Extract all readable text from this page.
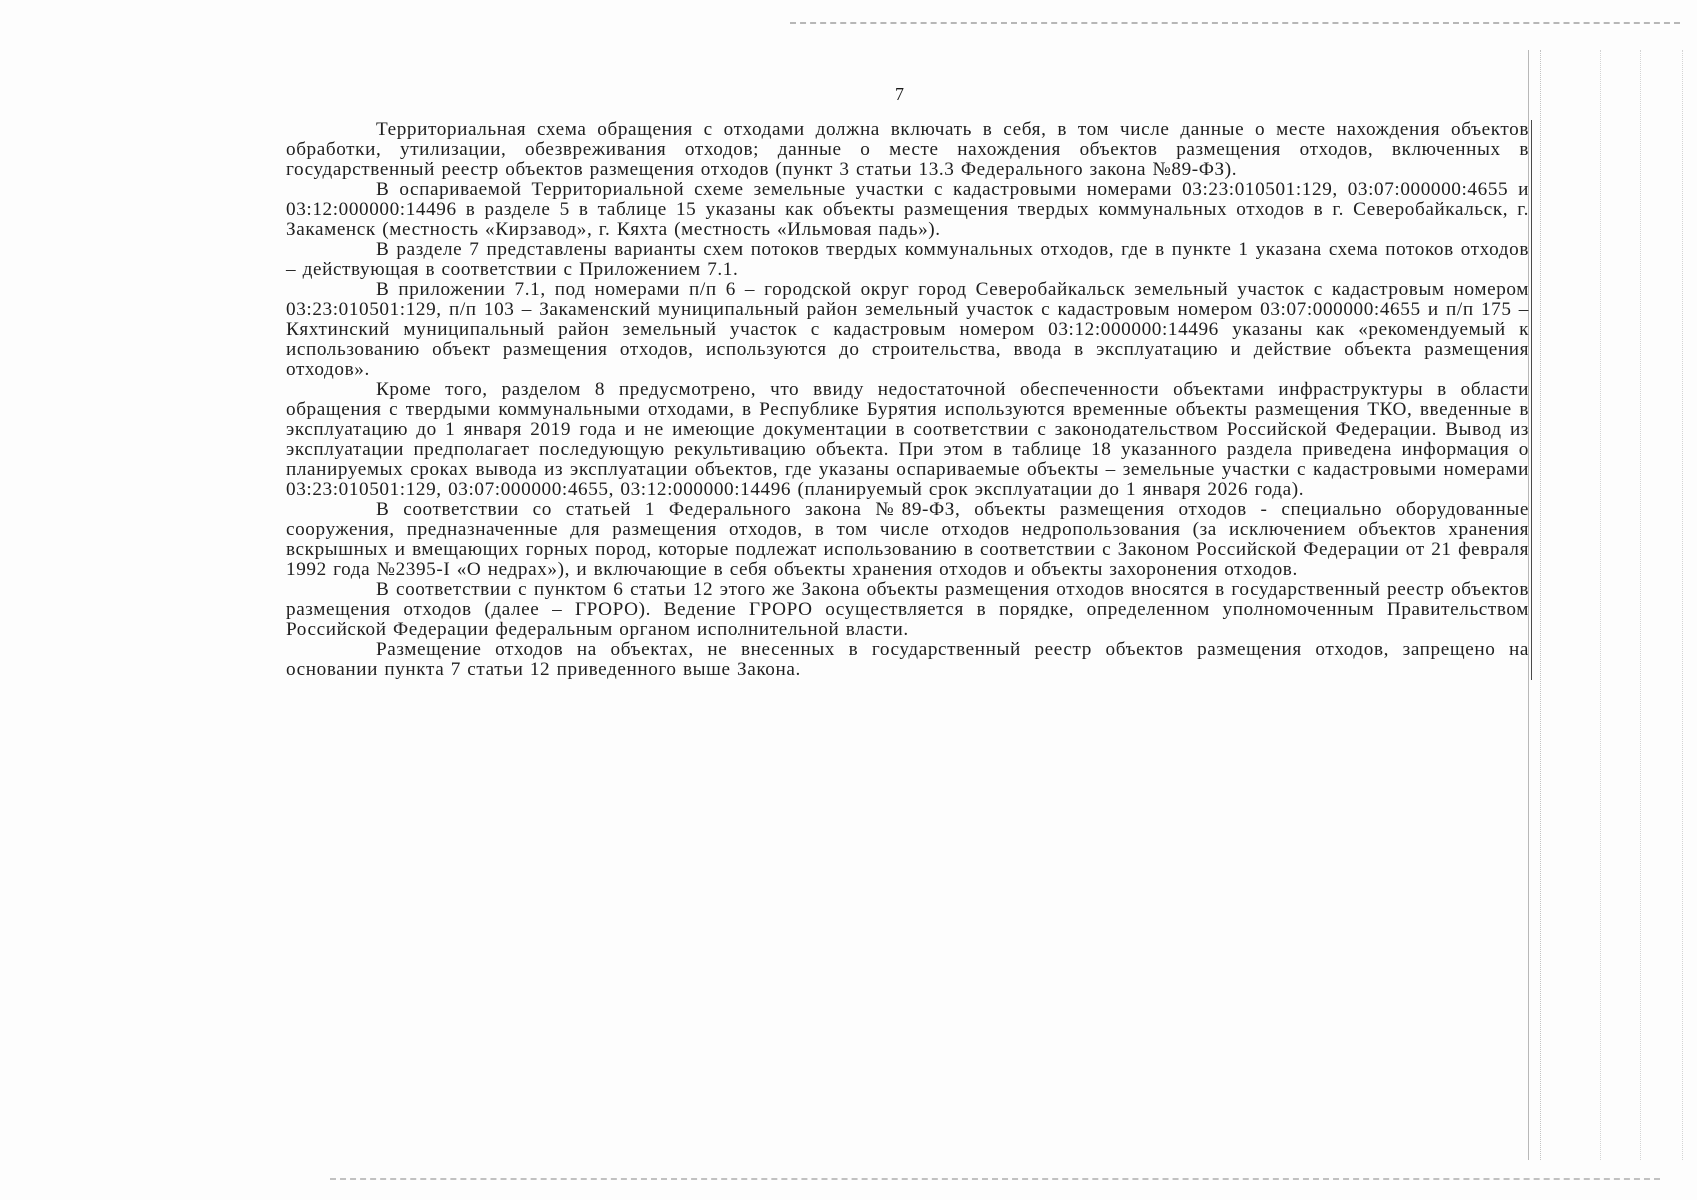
7

Территориальная схема обращения с отходами должна включать в себя, в том числе данные о месте нахождения объектов обработки, утилизации, обезвреживания отходов; данные о месте нахождения объектов размещения отходов, включенных в государственный реестр объектов размещения отходов (пункт 3 статьи 13.3 Федерального закона №89-ФЗ).

В оспариваемой Территориальной схеме земельные участки с кадастровыми номерами 03:23:010501:129, 03:07:000000:4655 и 03:12:000000:14496 в разделе 5 в таблице 15 указаны как объекты размещения твердых коммунальных отходов в г. Северобайкальск, г. Закаменск (местность «Кирзавод», г. Кяхта (местность «Ильмовая падь»).

В разделе 7 представлены варианты схем потоков твердых коммунальных отходов, где в пункте 1 указана схема потоков отходов – действующая в соответствии с Приложением 7.1.

В приложении 7.1, под номерами п/п 6 – городской округ город Северобайкальск земельный участок с кадастровым номером 03:23:010501:129, п/п 103 – Закаменский муниципальный район земельный участок с кадастровым номером 03:07:000000:4655 и п/п 175 – Кяхтинский муниципальный район земельный участок с кадастровым номером 03:12:000000:14496 указаны как «рекомендуемый к использованию объект размещения отходов, используются до строительства, ввода в эксплуатацию и действие объекта размещения отходов».

Кроме того, разделом 8 предусмотрено, что ввиду недостаточной обеспеченности объектами инфраструктуры в области обращения с твердыми коммунальными отходами, в Республике Бурятия используются временные объекты размещения ТКО, введенные в эксплуатацию до 1 января 2019 года и не имеющие документации в соответствии с законодательством Российской Федерации. Вывод из эксплуатации предполагает последующую рекультивацию объекта. При этом в таблице 18 указанного раздела приведена информация о планируемых сроках вывода из эксплуатации объектов, где указаны оспариваемые объекты – земельные участки с кадастровыми номерами 03:23:010501:129, 03:07:000000:4655, 03:12:000000:14496 (планируемый срок эксплуатации до 1 января 2026 года).

В соответствии со статьей 1 Федерального закона №89-ФЗ, объекты размещения отходов - специально оборудованные сооружения, предназначенные для размещения отходов, в том числе отходов недропользования (за исключением объектов хранения вскрышных и вмещающих горных пород, которые подлежат использованию в соответствии с Законом Российской Федерации от 21 февраля 1992 года №2395-I «О недрах»), и включающие в себя объекты хранения отходов и объекты захоронения отходов.

В соответствии с пунктом 6 статьи 12 этого же Закона объекты размещения отходов вносятся в государственный реестр объектов размещения отходов (далее – ГРОРО). Ведение ГРОРО осуществляется в порядке, определенном уполномоченным Правительством Российской Федерации федеральным органом исполнительной власти.

Размещение отходов на объектах, не внесенных в государственный реестр объектов размещения отходов, запрещено на основании пункта 7 статьи 12 приведенного выше Закона.
